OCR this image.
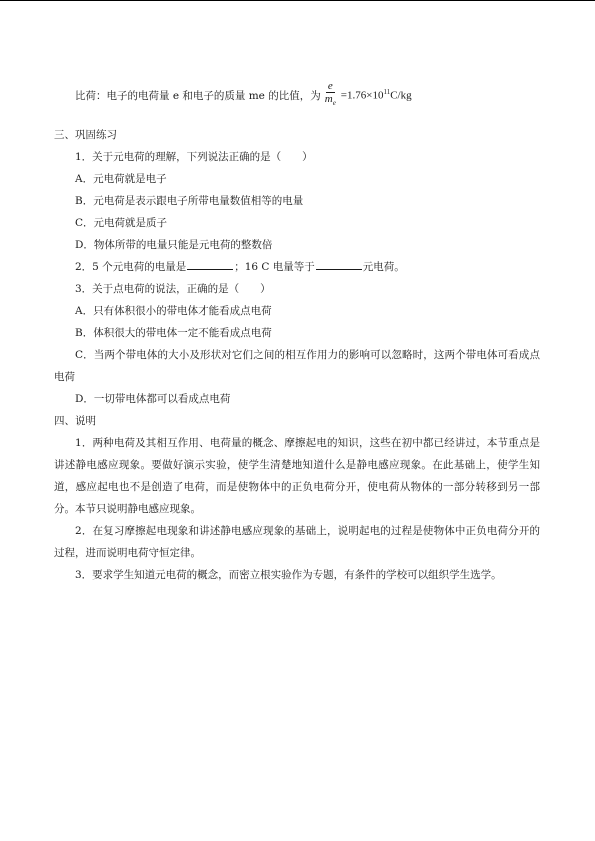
比荷：电子的电荷量 e 和电子的质量 me 的比值，为 $\frac{e}{m_e} =1.76\times 10^{11}C/kg$
三、巩固练习
1．关于元电荷的理解，下列说法正确的是（　　）
A．元电荷就是电子
B．元电荷是表示跟电子所带电量数值相等的电量
C．元电荷就是质子
D．物体所带的电量只能是元电荷的整数倍
2．5 个元电荷的电量是	；16 C 电量等于	元电荷。
3．关于点电荷的说法，正确的是（　　）
A．只有体积很小的带电体才能看成点电荷
B．体积很大的带电体一定不能看成点电荷
C．当两个带电体的大小及形状对它们之间的相互作用力的影响可以忽略时，这两个带电体可看成点电荷
D．一切带电体都可以看成点电荷
四、说明
1．两种电荷及其相互作用、电荷量的概念、摩擦起电的知识，这些在初中都已经讲过，本节重点是讲述静电感应现象。要做好演示实验，使学生清楚地知道什么是静电感应现象。在此基础上，使学生知道，感应起电也不是创造了电荷，而是使物体中的正负电荷分开，使电荷从物体的一部分转移到另一部分。本节只说明静电感应现象。
2．在复习摩擦起电现象和讲述静电感应现象的基础上，说明起电的过程是使物体中正负电荷分开的过程，进而说明电荷守恒定律。
3．要求学生知道元电荷的概念，而密立根实验作为专题，有条件的学校可以组织学生选学。
